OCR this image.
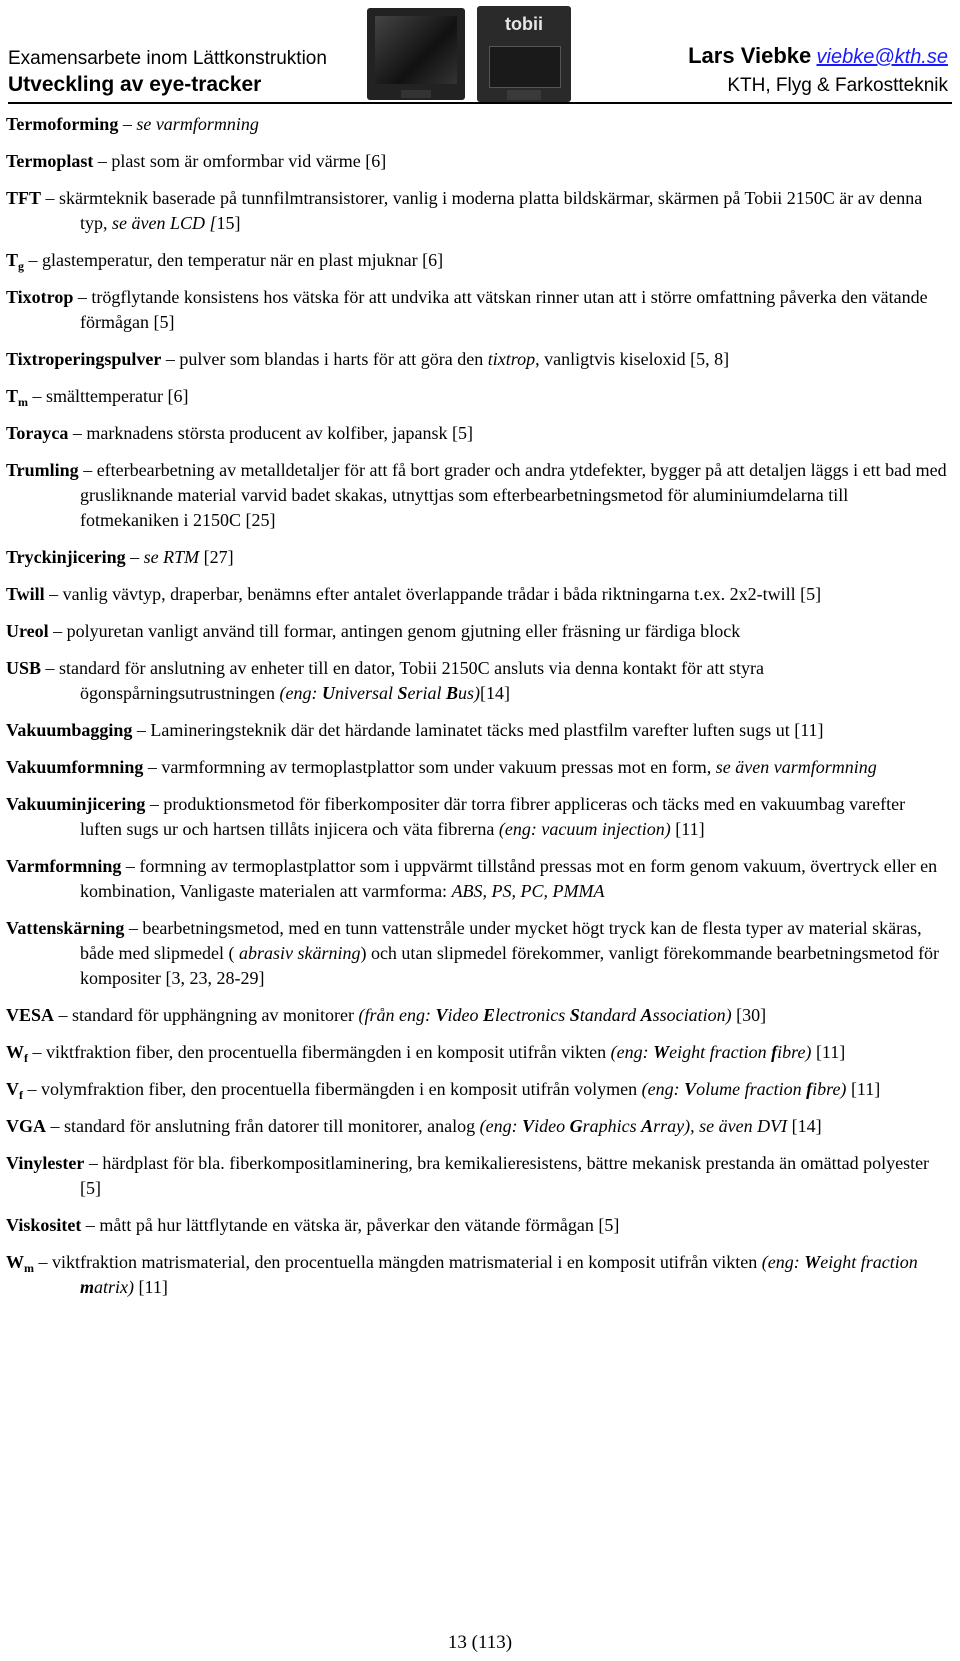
Examensarbete inom Lättkonstruktion
Utveckling av eye-tracker
tobii
Lars Viebke viebke@kth.se
KTH, Flyg & Farkostteknik

Termoforming – se varmformning

Termoplast – plast som är omformbar vid värme [6]

TFT – skärmteknik baserade på tunnfilmtransistorer, vanlig i moderna platta bildskärmar, skärmen på Tobii 2150C är av denna typ, se även LCD [15]

$T_g$ – glastemperatur, den temperatur när en plast mjuknar [6]

Tixotrop – trögflytande konsistens hos vätska för att undvika att vätskan rinner utan att i större omfattning påverka den vätande förmågan [5]

Tixtroperingspulver – pulver som blandas i harts för att göra den tixtrop, vanligtvis kiseloxid [5, 8]

$T_m$ – smälttemperatur [6]

Torayca – marknadens största producent av kolfiber, japansk [5]

Trumling – efterbearbetning av metalldetaljer för att få bort grader och andra ytdefekter, bygger på att detaljen läggs i ett bad med grusliknande material varvid badet skakas, utnyttjas som efterbearbetningsmetod för aluminiumdelarna till fotmekaniken i 2150C [25]

Tryckinjicering – se RTM [27]

Twill – vanlig vävtyp, draperbar, benämns efter antalet överlappande trådar i båda riktningarna t.ex. 2x2-twill [5]

Ureol – polyuretan vanligt använd till formar, antingen genom gjutning eller fräsning ur färdiga block

USB – standard för anslutning av enheter till en dator, Tobii 2150C ansluts via denna kontakt för att styra ögonspårningsutrustningen (eng: Universal Serial Bus)[14]

Vakuumbagging – Lamineringsteknik där det härdande laminatet täcks med plastfilm varefter luften sugs ut [11]

Vakuumformning – varmformning av termoplastplattor som under vakuum pressas mot en form, se även varmformning

Vakuuminjicering – produktionsmetod för fiberkompositer där torra fibrer appliceras och täcks med en vakuumbag varefter luften sugs ur och hartsen tillåts injicera och väta fibrerna (eng: vacuum injection) [11]

Varmformning – formning av termoplastplattor som i uppvärmt tillstånd pressas mot en form genom vakuum, övertryck eller en kombination, Vanligaste materialen att varmforma: ABS, PS, PC, PMMA

Vattenskärning – bearbetningsmetod, med en tunn vattenstråle under mycket högt tryck kan de flesta typer av material skäras, både med slipmedel ( abrasiv skärning) och utan slipmedel förekommer, vanligt förekommande bearbetningsmetod för kompositer [3, 23, 28-29]

VESA – standard för upphängning av monitorer (från eng: Video Electronics Standard Association) [30]

$W_f$ – viktfraktion fiber, den procentuella fibermängden i en komposit utifrån vikten (eng: Weight fraction fibre) [11]

$V_f$ – volymfraktion fiber, den procentuella fibermängden i en komposit utifrån volymen (eng: Volume fraction fibre) [11]

VGA – standard för anslutning från datorer till monitorer, analog (eng: Video Graphics Array), se även DVI [14]

Vinylester – härdplast för bla. fiberkompositlaminering, bra kemikalieresistens, bättre mekanisk prestanda än omättad polyester [5]

Viskositet – mått på hur lättflytande en vätska är, påverkar den vätande förmågan [5]

$W_m$ – viktfraktion matrismaterial, den procentuella mängden matrismaterial i en komposit utifrån vikten (eng: Weight fraction matrix) [11]

13 (113)
